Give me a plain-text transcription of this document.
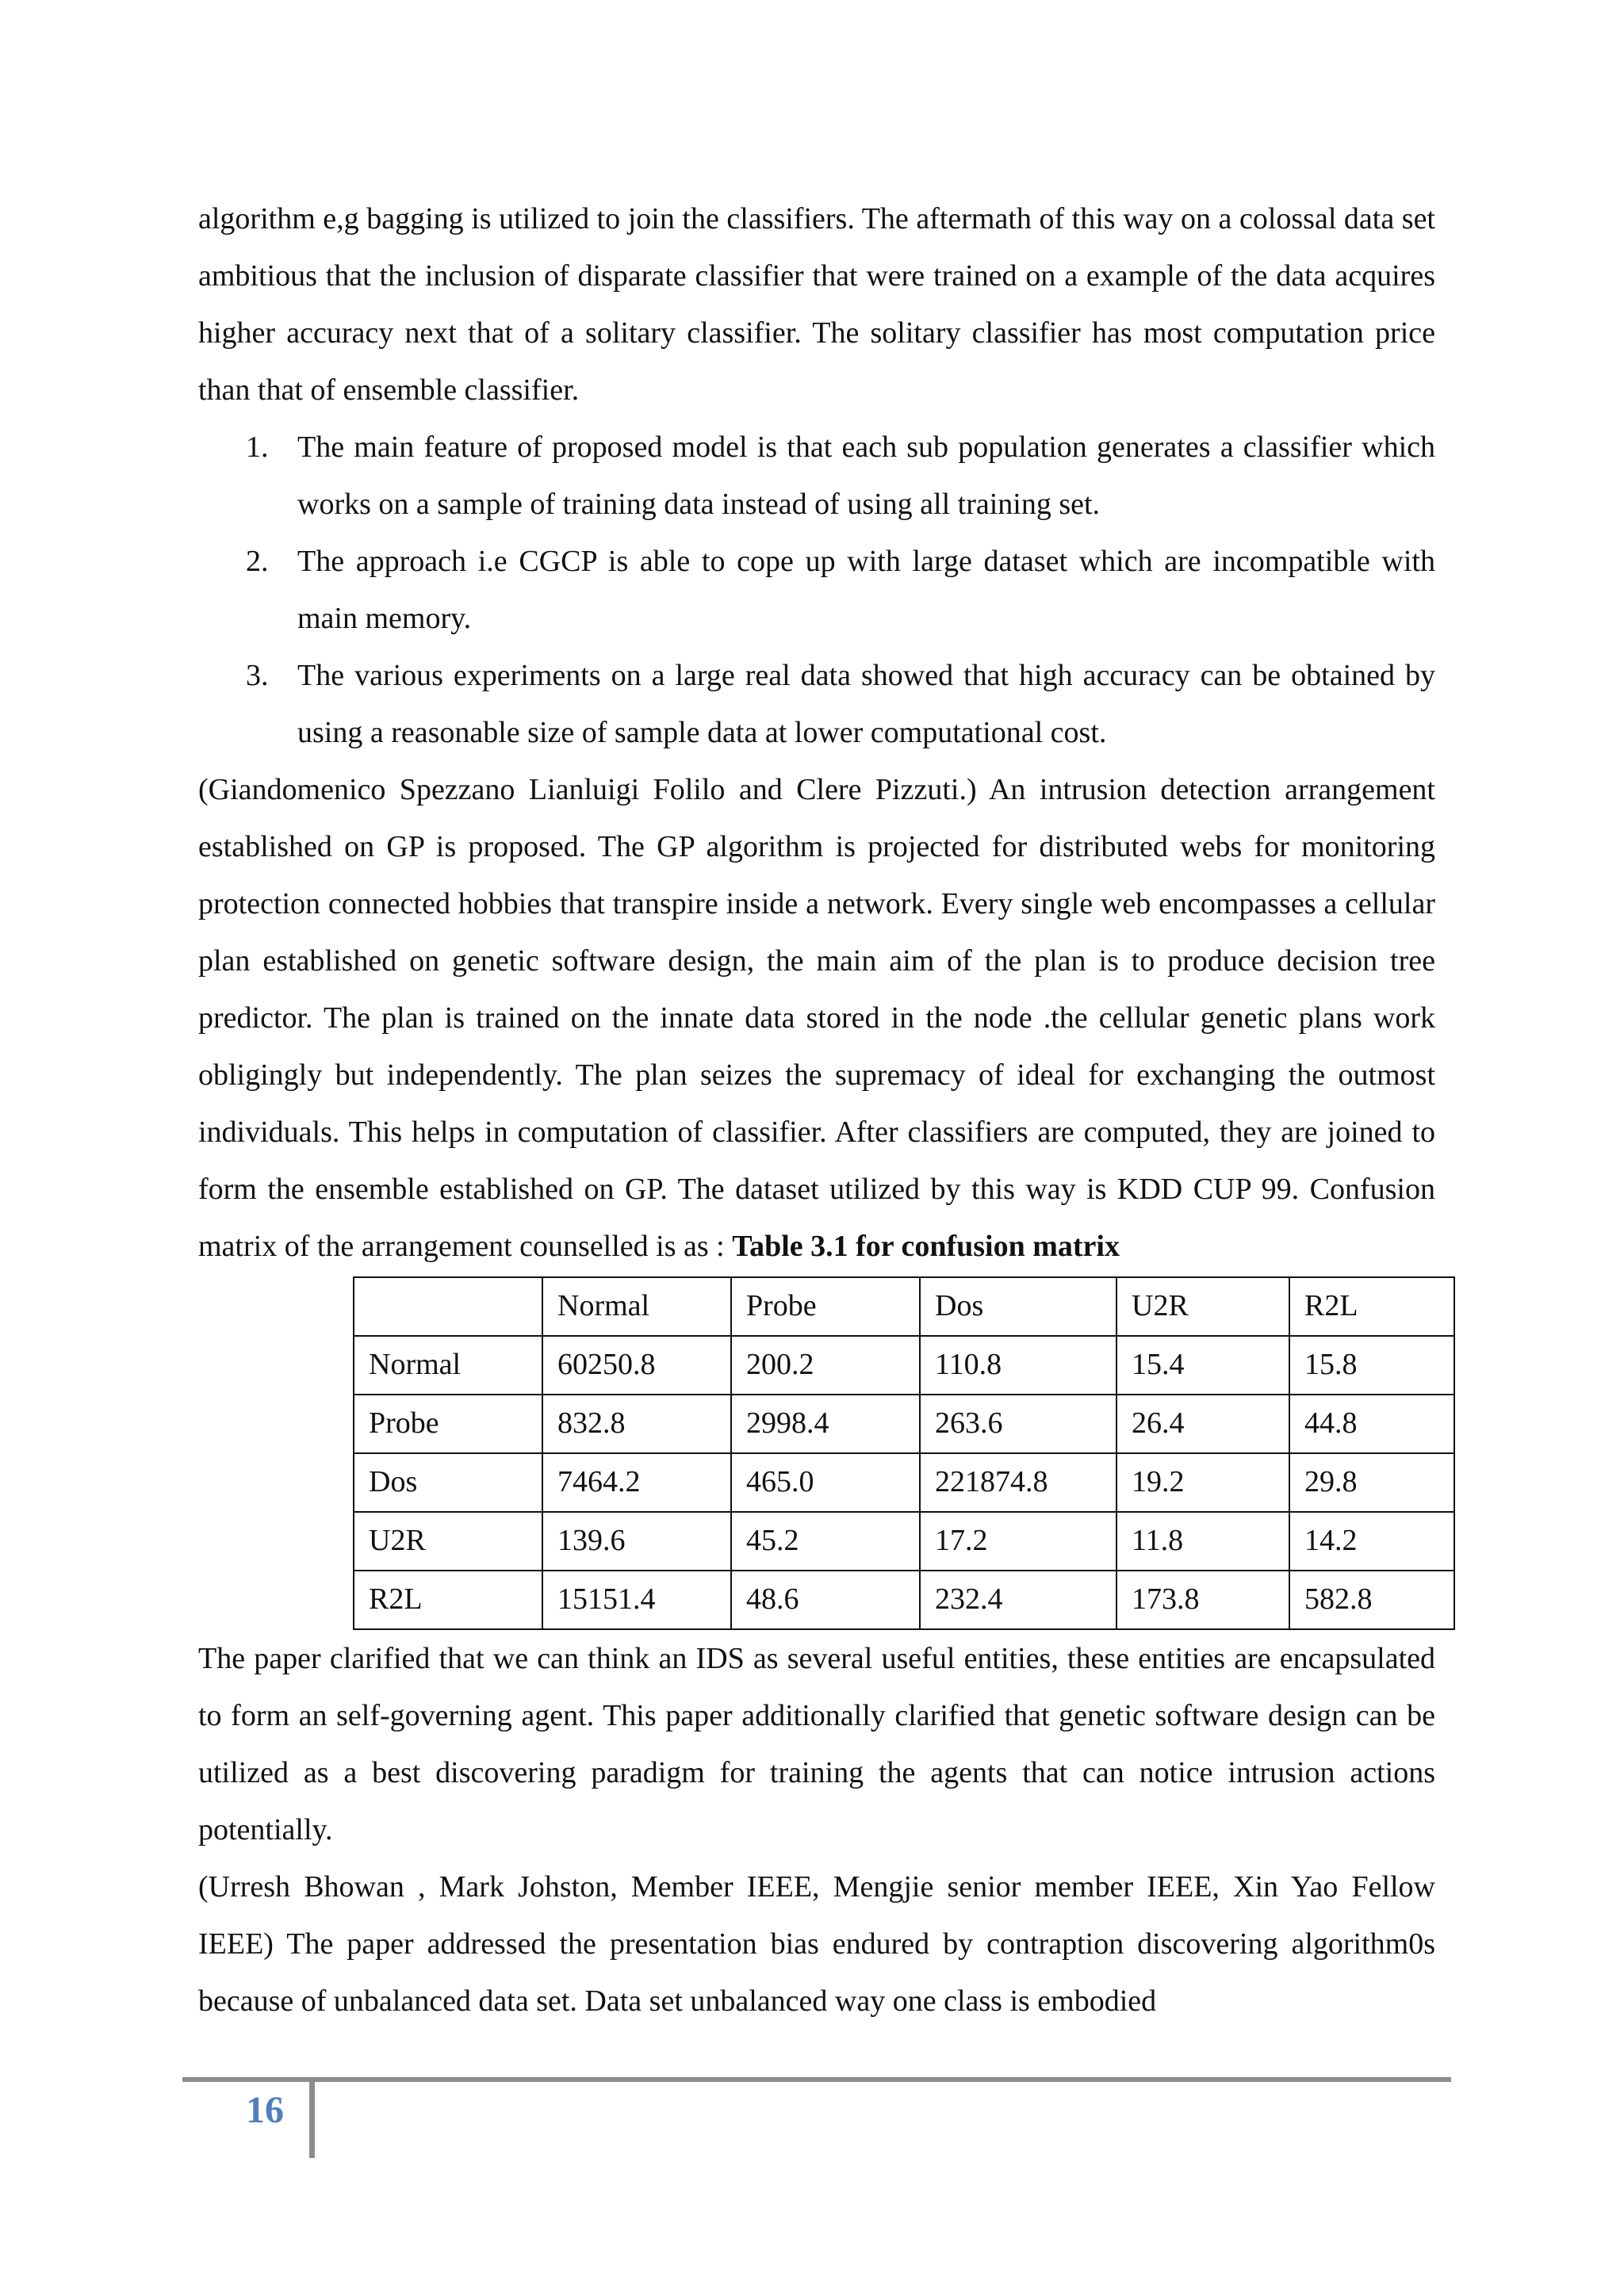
algorithm e,g bagging is utilized to join the classifiers. The aftermath of this way on a colossal data set ambitious that the inclusion of disparate classifier that were trained on a example of the data acquires higher accuracy next that of a solitary classifier. The solitary classifier has most computation price than that of ensemble classifier.

1. The main feature of proposed model is that each sub population generates a classifier which works on a sample of training data instead of using all training set.
2. The approach i.e CGCP is able to cope up with large dataset which are incompatible with main memory.
3. The various experiments on a large real data showed that high accuracy can be obtained by using a reasonable size of sample data at lower computational cost.

(Giandomenico Spezzano Lianluigi Folilo and Clere Pizzuti.) An intrusion detection arrangement established on GP is proposed. The GP algorithm is projected for distributed webs for monitoring protection connected hobbies that transpire inside a network. Every single web encompasses a cellular plan established on genetic software design, the main aim of the plan is to produce decision tree predictor. The plan is trained on the innate data stored in the node .the cellular genetic plans work obligingly but independently. The plan seizes the supremacy of ideal for exchanging the outmost individuals. This helps in computation of classifier. After classifiers are computed, they are joined to form the ensemble established on GP. The dataset utilized by this way is KDD CUP 99. Confusion matrix of the arrangement counselled is as : Table 3.1 for confusion matrix

	Normal	Probe	Dos	U2R	R2L
Normal	60250.8	200.2	110.8	15.4	15.8
Probe	832.8	2998.4	263.6	26.4	44.8
Dos	7464.2	465.0	221874.8	19.2	29.8
U2R	139.6	45.2	17.2	11.8	14.2
R2L	15151.4	48.6	232.4	173.8	582.8

The paper clarified that we can think an IDS as several useful entities, these entities are encapsulated to form an self-governing agent. This paper additionally clarified that genetic software design can be utilized as a best discovering paradigm for training the agents that can notice intrusion actions potentially.

(Urresh Bhowan , Mark Johston, Member IEEE, Mengjie senior member IEEE, Xin Yao Fellow IEEE) The paper addressed the presentation bias endured by contraption discovering algorithm0s because of unbalanced data set. Data set unbalanced way one class is embodied

16
